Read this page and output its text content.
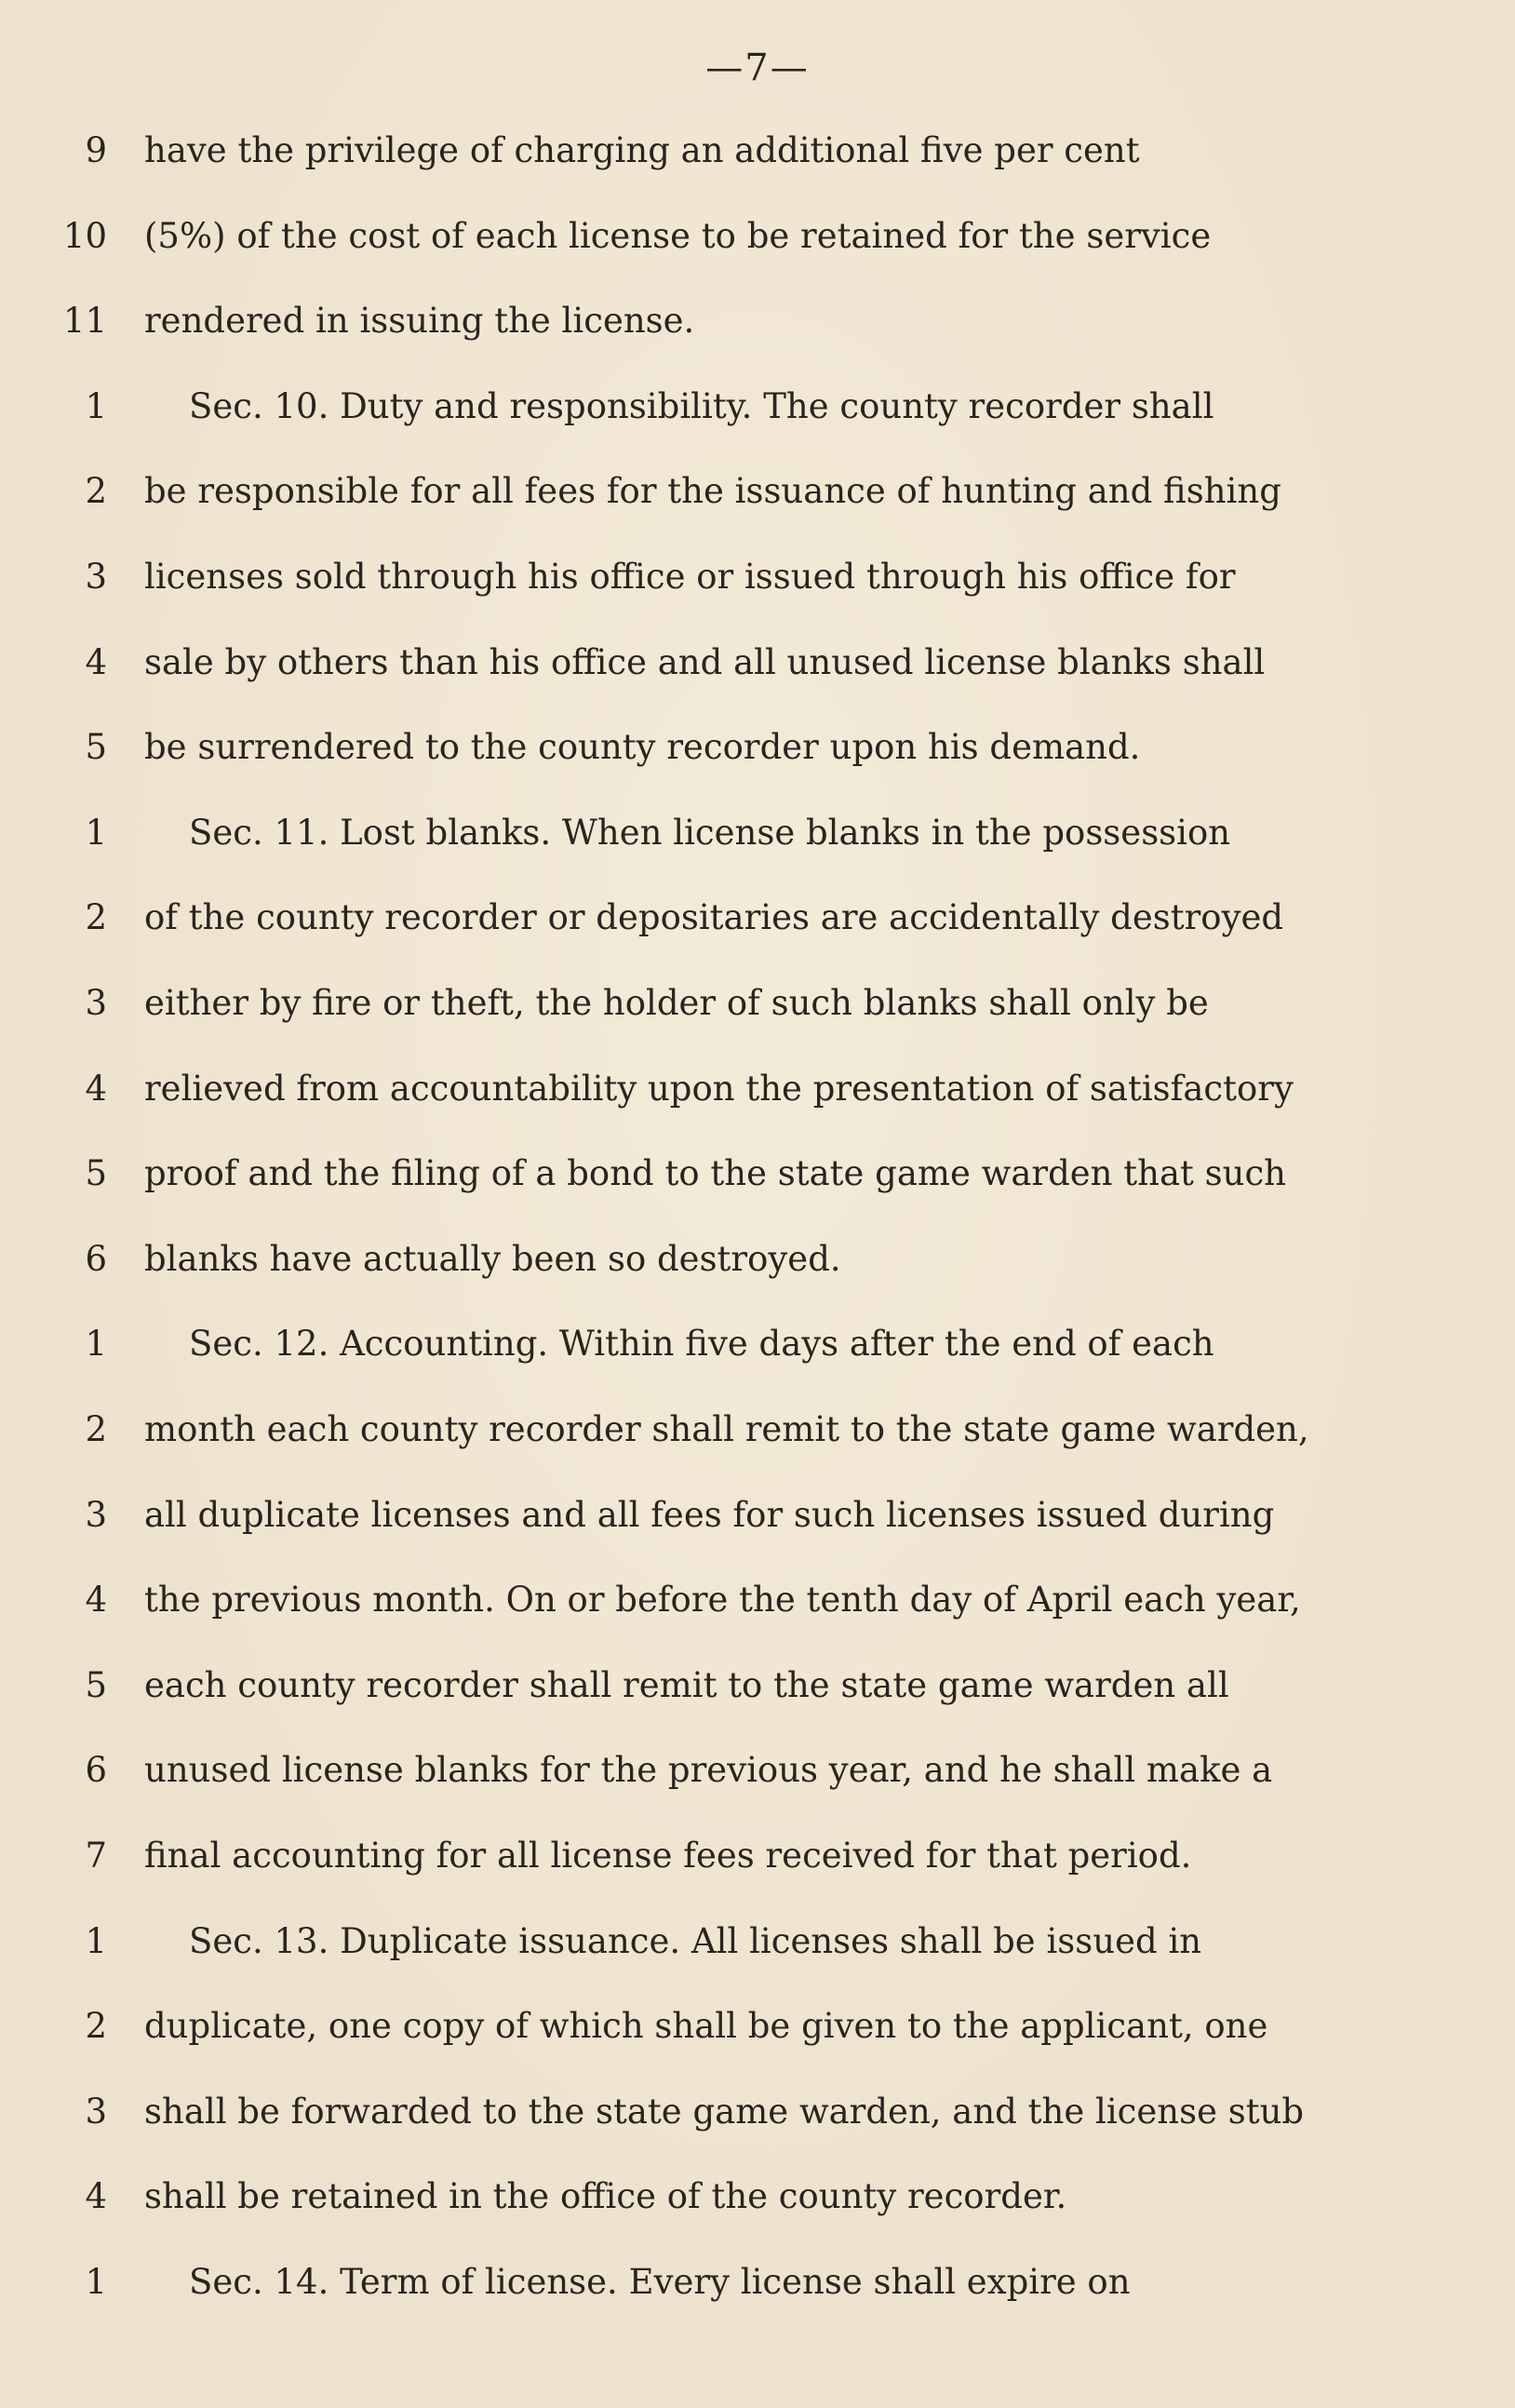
—7—
9 have the privilege of charging an additional five per cent
10 (5%) of the cost of each license to be retained for the service
11 rendered in issuing the license.
1 Sec. 10. Duty and responsibility. The county recorder shall
2 be responsible for all fees for the issuance of hunting and fishing
3 licenses sold through his office or issued through his office for
4 sale by others than his office and all unused license blanks shall
5 be surrendered to the county recorder upon his demand.
1 Sec. 11. Lost blanks. When license blanks in the possession
2 of the county recorder or depositaries are accidentally destroyed
3 either by fire or theft, the holder of such blanks shall only be
4 relieved from accountability upon the presentation of satisfactory
5 proof and the filing of a bond to the state game warden that such
6 blanks have actually been so destroyed.
1 Sec. 12. Accounting. Within five days after the end of each
2 month each county recorder shall remit to the state game warden,
3 all duplicate licenses and all fees for such licenses issued during
4 the previous month. On or before the tenth day of April each year,
5 each county recorder shall remit to the state game warden all
6 unused license blanks for the previous year, and he shall make a
7 final accounting for all license fees received for that period.
1 Sec. 13. Duplicate issuance. All licenses shall be issued in
2 duplicate, one copy of which shall be given to the applicant, one
3 shall be forwarded to the state game warden, and the license stub
4 shall be retained in the office of the county recorder.
1 Sec. 14. Term of license. Every license shall expire on
